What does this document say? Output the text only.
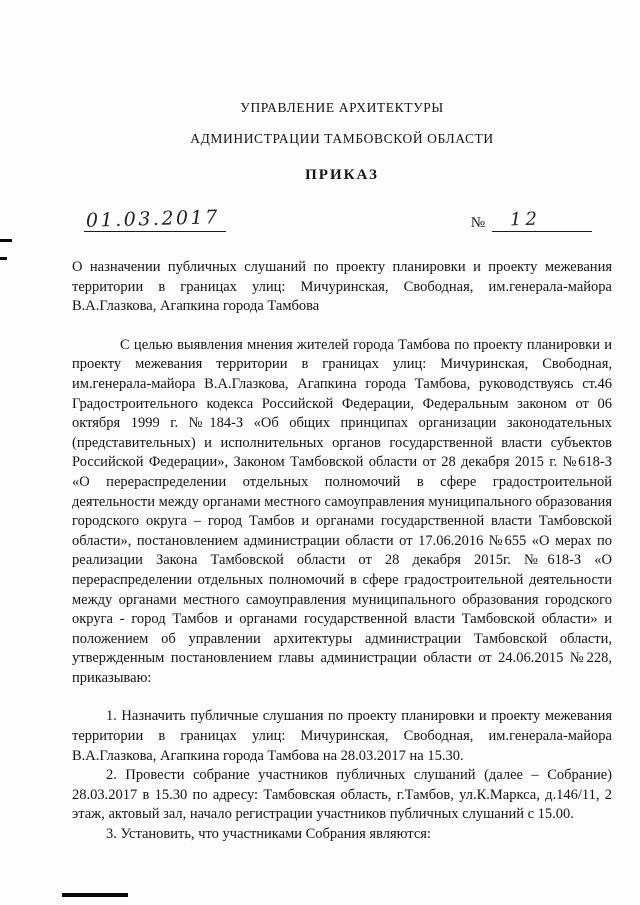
УПРАВЛЕНИЕ АРХИТЕКТУРЫ
АДМИНИСТРАЦИИ ТАМБОВСКОЙ ОБЛАСТИ
ПРИКАЗ
01.03.2017	№	12

О назначении публичных слушаний по проекту планировки и проекту межевания территории в границах улиц: Мичуринская, Свободная, им.генерала-майора В.А.Глазкова, Агапкина города Тамбова

С целью выявления мнения жителей города Тамбова по проекту планировки и проекту межевания территории в границах улиц: Мичуринская, Свободная, им.генерала-майора В.А.Глазкова, Агапкина города Тамбова, руководствуясь ст.46 Градостроительного кодекса Российской Федерации, Федеральным законом от 06 октября 1999 г. №184-З «Об общих принципах организации законодательных (представительных) и исполнительных органов государственной власти субъектов Российской Федерации», Законом Тамбовской области от 28 декабря 2015 г. №618-З «О перераспределении отдельных полномочий в сфере градостроительной деятельности между органами местного самоуправления муниципального образования городского округа – город Тамбов и органами государственной власти Тамбовской области», постановлением администрации области от 17.06.2016 №655 «О мерах по реализации Закона Тамбовской области от 28 декабря 2015г. №618-З «О перераспределении отдельных полномочий в сфере градостроительной деятельности между органами местного самоуправления муниципального образования городского округа - город Тамбов и органами государственной власти Тамбовской области» и положением об управлении архитектуры администрации Тамбовской области, утвержденным постановлением главы администрации области от 24.06.2015 №228, приказываю:

1. Назначить публичные слушания по проекту планировки и проекту межевания территории в границах улиц: Мичуринская, Свободная, им.генерала-майора В.А.Глазкова, Агапкина города Тамбова на 28.03.2017 на 15.30.

2. Провести собрание участников публичных слушаний (далее – Собрание) 28.03.2017 в 15.30 по адресу: Тамбовская область, г.Тамбов, ул.К.Маркса, д.146/11, 2 этаж, актовый зал, начало регистрации участников публичных слушаний с 15.00.

3. Установить, что участниками Собрания являются:
